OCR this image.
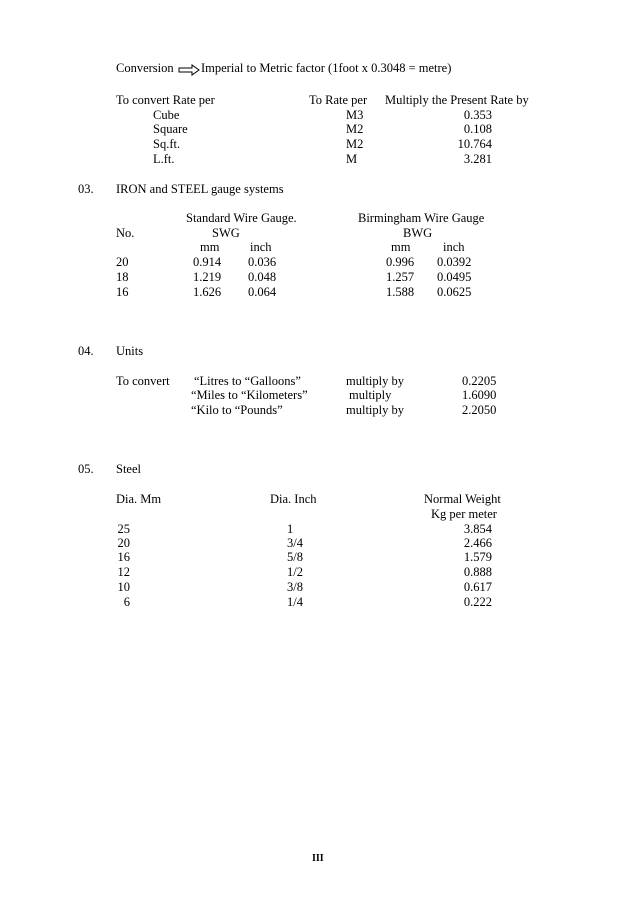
Conversion Imperial to Metric factor (1foot x 0.3048 = metre)
To convert Rate per	To Rate per Multiply the Present Rate by
Cube	M3	0.353
Square	M2	0.108
Sq.ft.	M2	10.764
L.ft.	M	3.281
03. IRON and STEEL gauge systems
Standard Wire Gauge.	Birmingham Wire Gauge
No.	SWG	BWG
mm inch	mm	inch
20	0.914 0.036	0.996 0.0392
18	1.219 0.048	1.257 0.0495
16	1.626 0.064	1.588 0.0625
04. Units
To convert “Litres to “Galloons”	multiply by	0.2205
“Miles to “Kilometers”	multiply	1.6090
“Kilo to “Pounds”	multiply by	2.2050
05. Steel
Dia. Mm	Dia. Inch	Normal Weight
Kg per meter
25	1	3.854
20	3/4	2.466
16	5/8	1.579
12	1/2	0.888
10	3/8	0.617
6	1/4	0.222
III
